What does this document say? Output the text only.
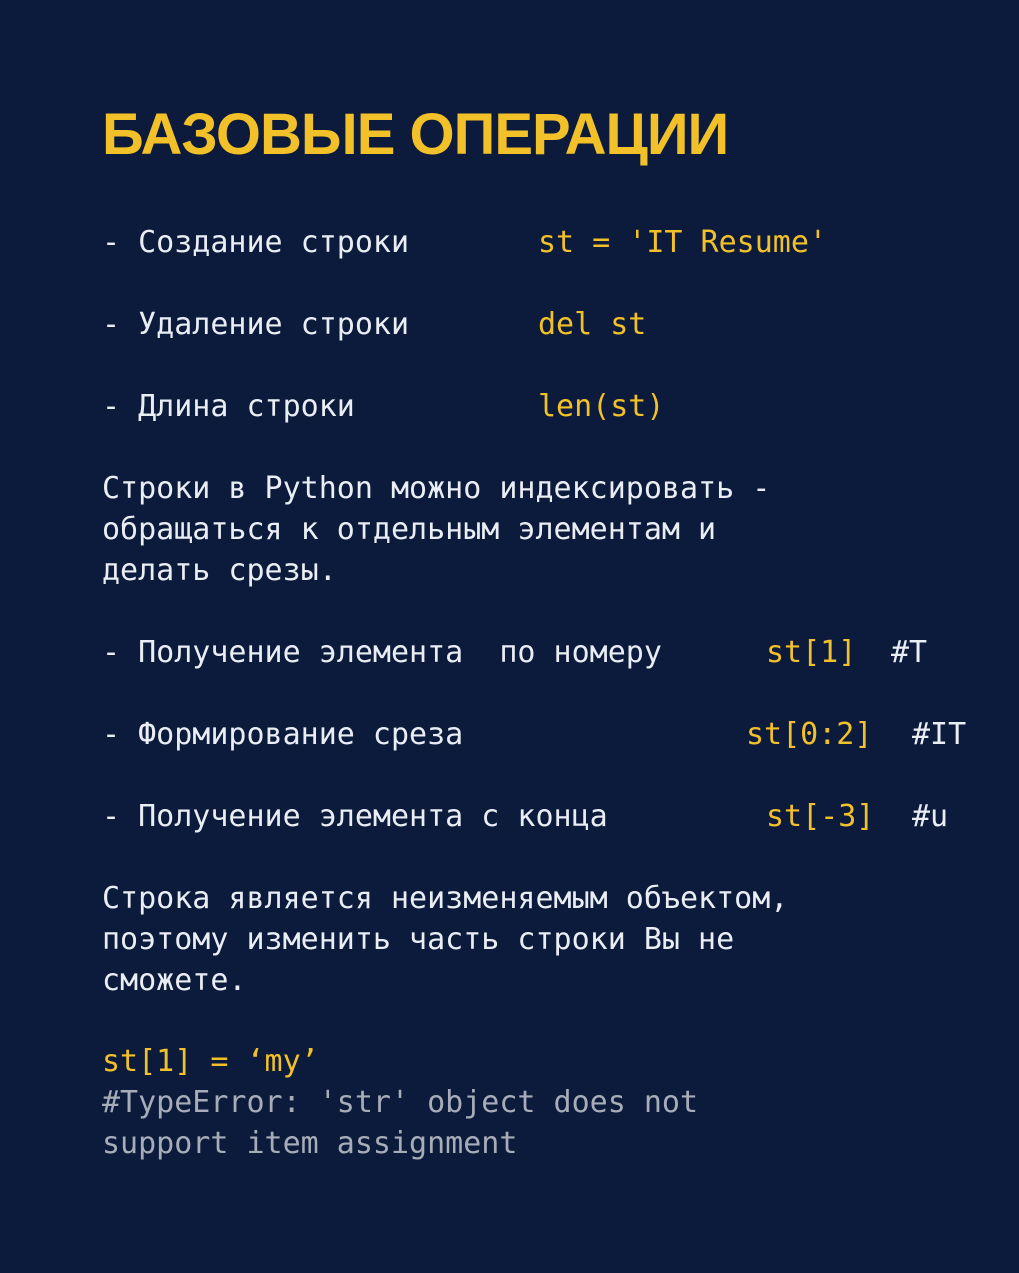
БАЗОВЫЕ ОПЕРАЦИИ
- Создание строки	st = 'IT Resume'
- Удаление строки	del st
- Длина строки	len(st)
Строки в Python можно индексировать -
обращаться к отдельным элементам и
делать срезы.
- Получение элемента  по номеру	st[1] #T
- Формирование среза	st[0:2] #IT
- Получение элемента с конца	st[-3] #u
Строка является неизменяемым объектом,
поэтому изменить часть строки Вы не
сможете.
st[1] = ‘my’
#TypeError: 'str' object does not
support item assignment
